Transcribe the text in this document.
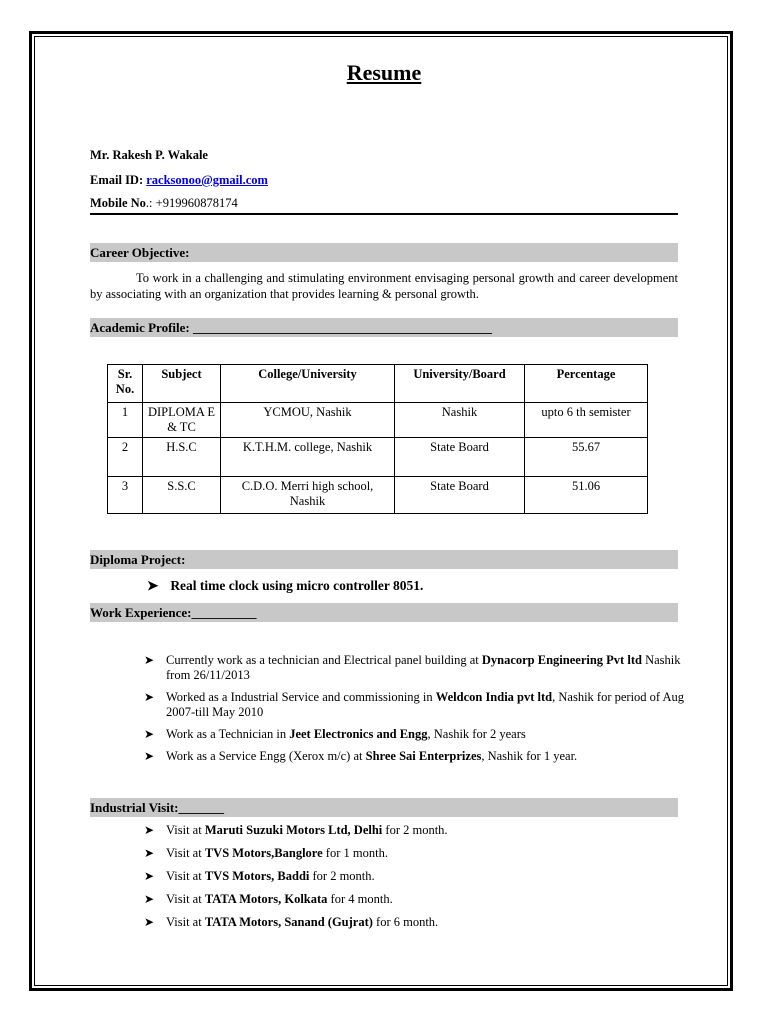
Resume
Mr. Rakesh P. Wakale
Email ID: racksonoo@gmail.com
Mobile No.: +919960878174
Career Objective:
To work in a challenging and stimulating environment envisaging personal growth and career development by associating with an organization that provides learning & personal growth.
Academic Profile: ______________________________________________
Sr. No.	Subject	College/University	University/Board	Percentage
1	DIPLOMA E & TC	YCMOU, Nashik	Nashik	upto 6 th semister
2	H.S.C	K.T.H.M. college, Nashik	State Board	55.67
3	S.S.C	C.D.O. Merri high school, Nashik	State Board	51.06
Diploma Project:
➤ Real time clock using micro controller 8051.
Work Experience:__________
➤ Currently work as a technician and Electrical panel building at Dynacorp Engineering Pvt ltd Nashik from 26/11/2013
➤ Worked as a Industrial Service and commissioning in Weldcon India pvt ltd, Nashik for period of Aug 2007-till May 2010
➤ Work as a Technician in Jeet Electronics and Engg, Nashik for 2 years
➤ Work as a Service Engg (Xerox m/c) at Shree Sai Enterprizes, Nashik for 1 year.
Industrial Visit:_______
➤ Visit at Maruti Suzuki Motors Ltd, Delhi for 2 month.
➤ Visit at TVS Motors,Banglore for 1 month.
➤ Visit at TVS Motors, Baddi for 2 month.
➤ Visit at TATA Motors, Kolkata for 4 month.
➤ Visit at TATA Motors, Sanand (Gujrat) for 6 month.
